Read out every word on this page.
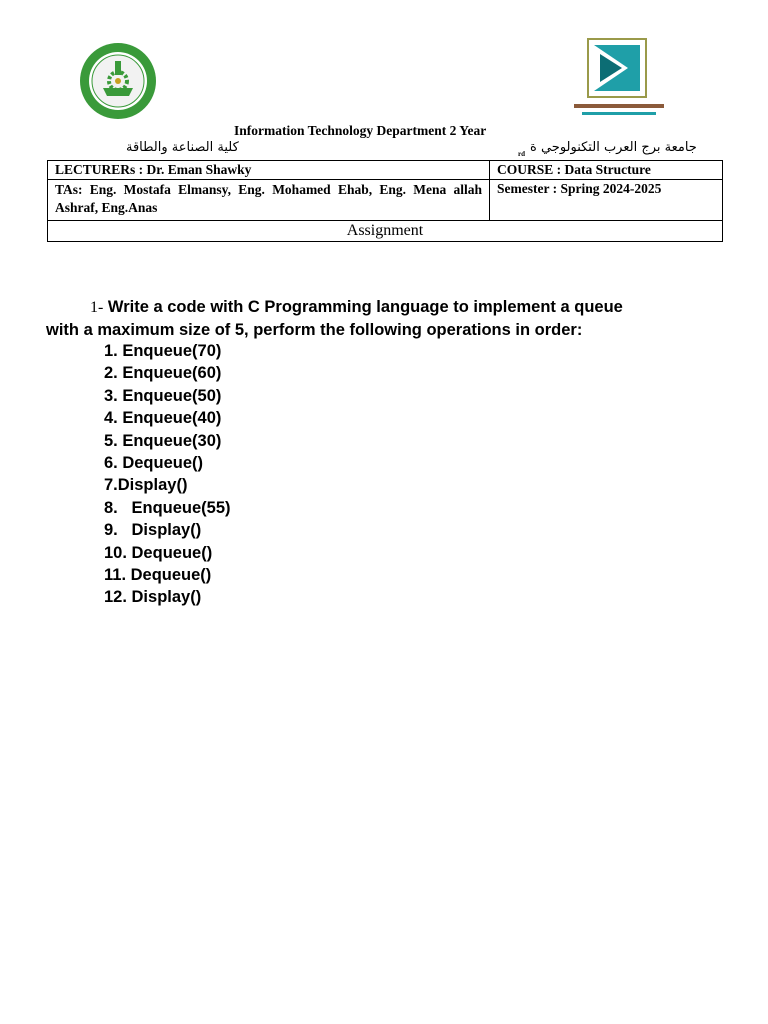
Information Technology Department 2 Year
rd
كلية الصناعة والطاقة	جامعة برج العرب التكنولوجي ة
LECTURERs : Dr. Eman Shawky	COURSE : Data Structure
TAs: Eng. Mostafa Elmansy, Eng. Mohamed Ehab, Eng. Mena allah Ashraf, Eng.Anas	Semester : Spring 2024-2025
Assignment	
1- Write a code with C Programming language to implement a queue
with a maximum size of 5, perform the following operations in order:
1. Enqueue(70)
2. Enqueue(60)
3. Enqueue(50)
4. Enqueue(40)
5. Enqueue(30)
6. Dequeue()
7.Display()
8.   Enqueue(55)
9.   Display()
10. Dequeue()
11. Dequeue()
12. Display()
